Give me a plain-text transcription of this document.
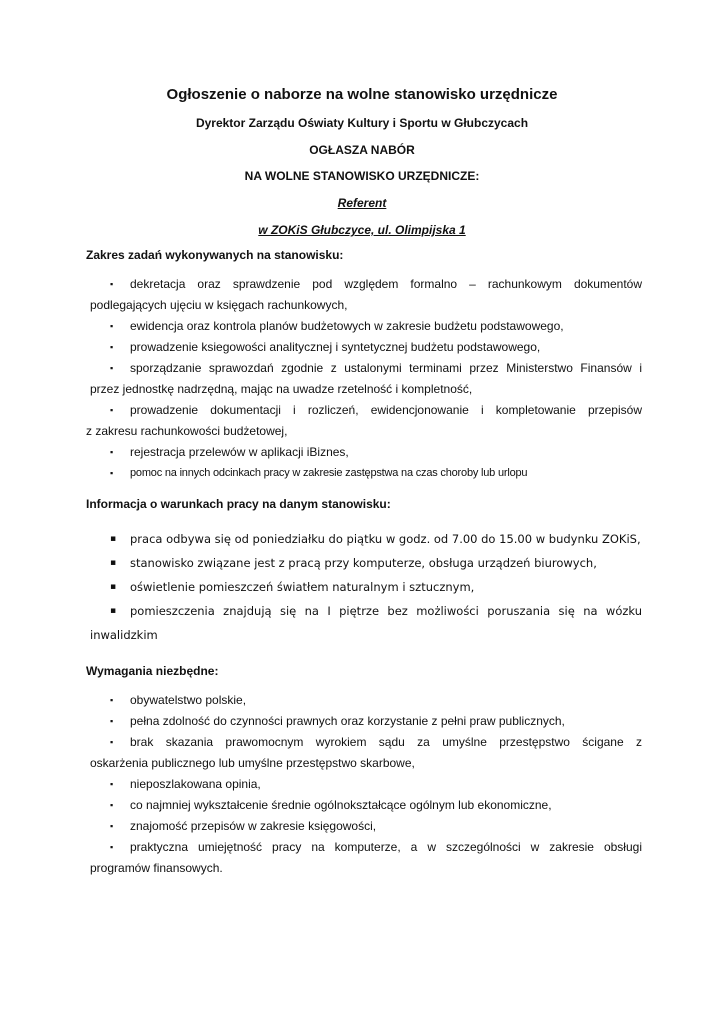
Ogłoszenie o naborze na wolne stanowisko urzędnicze
Dyrektor Zarządu Oświaty Kultury i Sportu w Głubczycach
OGŁASZA NABÓR
NA WOLNE STANOWISKO URZĘDNICZE:
Referent
w ZOKiS Głubczyce, ul. Olimpijska 1
Zakres zadań wykonywanych na stanowisku:
▪ dekretacja oraz sprawdzenie pod względem formalno – rachunkowym dokumentów
podlegających ujęciu w księgach rachunkowych,
▪ ewidencja oraz kontrola planów budżetowych w zakresie budżetu podstawowego,
▪ prowadzenie ksiegowości analitycznej i syntetycznej budżetu podstawowego,
▪ sporządzanie sprawozdań zgodnie z ustalonymi terminami przez Ministerstwo Finansów i
przez jednostkę nadrzędną, mając na uwadze rzetelność i kompletność,
▪ prowadzenie dokumentacji i rozliczeń, ewidencjonowanie i kompletowanie przepisów
z zakresu rachunkowości budżetowej,
▪ rejestracja przelewów w aplikacji iBiznes,
▪ pomoc na innych odcinkach pracy w zakresie zastępstwa na czas choroby lub urlopu
Informacja o warunkach pracy na danym stanowisku:
▪ praca odbywa się od poniedziałku do piątku w godz. od 7.00 do 15.00 w budynku ZOKiS,
▪ stanowisko związane jest z pracą przy komputerze, obsługa urządzeń biurowych,
▪ oświetlenie pomieszczeń światłem naturalnym i sztucznym,
▪ pomieszczenia znajdują się na I piętrze bez możliwości poruszania się na wózku
inwalidzkim
Wymagania niezbędne:
▪ obywatelstwo polskie,
▪ pełna zdolność do czynności prawnych oraz korzystanie z pełni praw publicznych,
▪ brak skazania prawomocnym wyrokiem sądu za umyślne przestępstwo ścigane z
oskarżenia publicznego lub umyślne przestępstwo skarbowe,
▪ nieposzlakowana opinia,
▪ co najmniej wykształcenie średnie ogólnokształcące ogólnym lub ekonomiczne,
▪ znajomość przepisów w zakresie księgowości,
▪ praktyczna umiejętność pracy na komputerze, a w szczególności w zakresie obsługi
programów finansowych.
